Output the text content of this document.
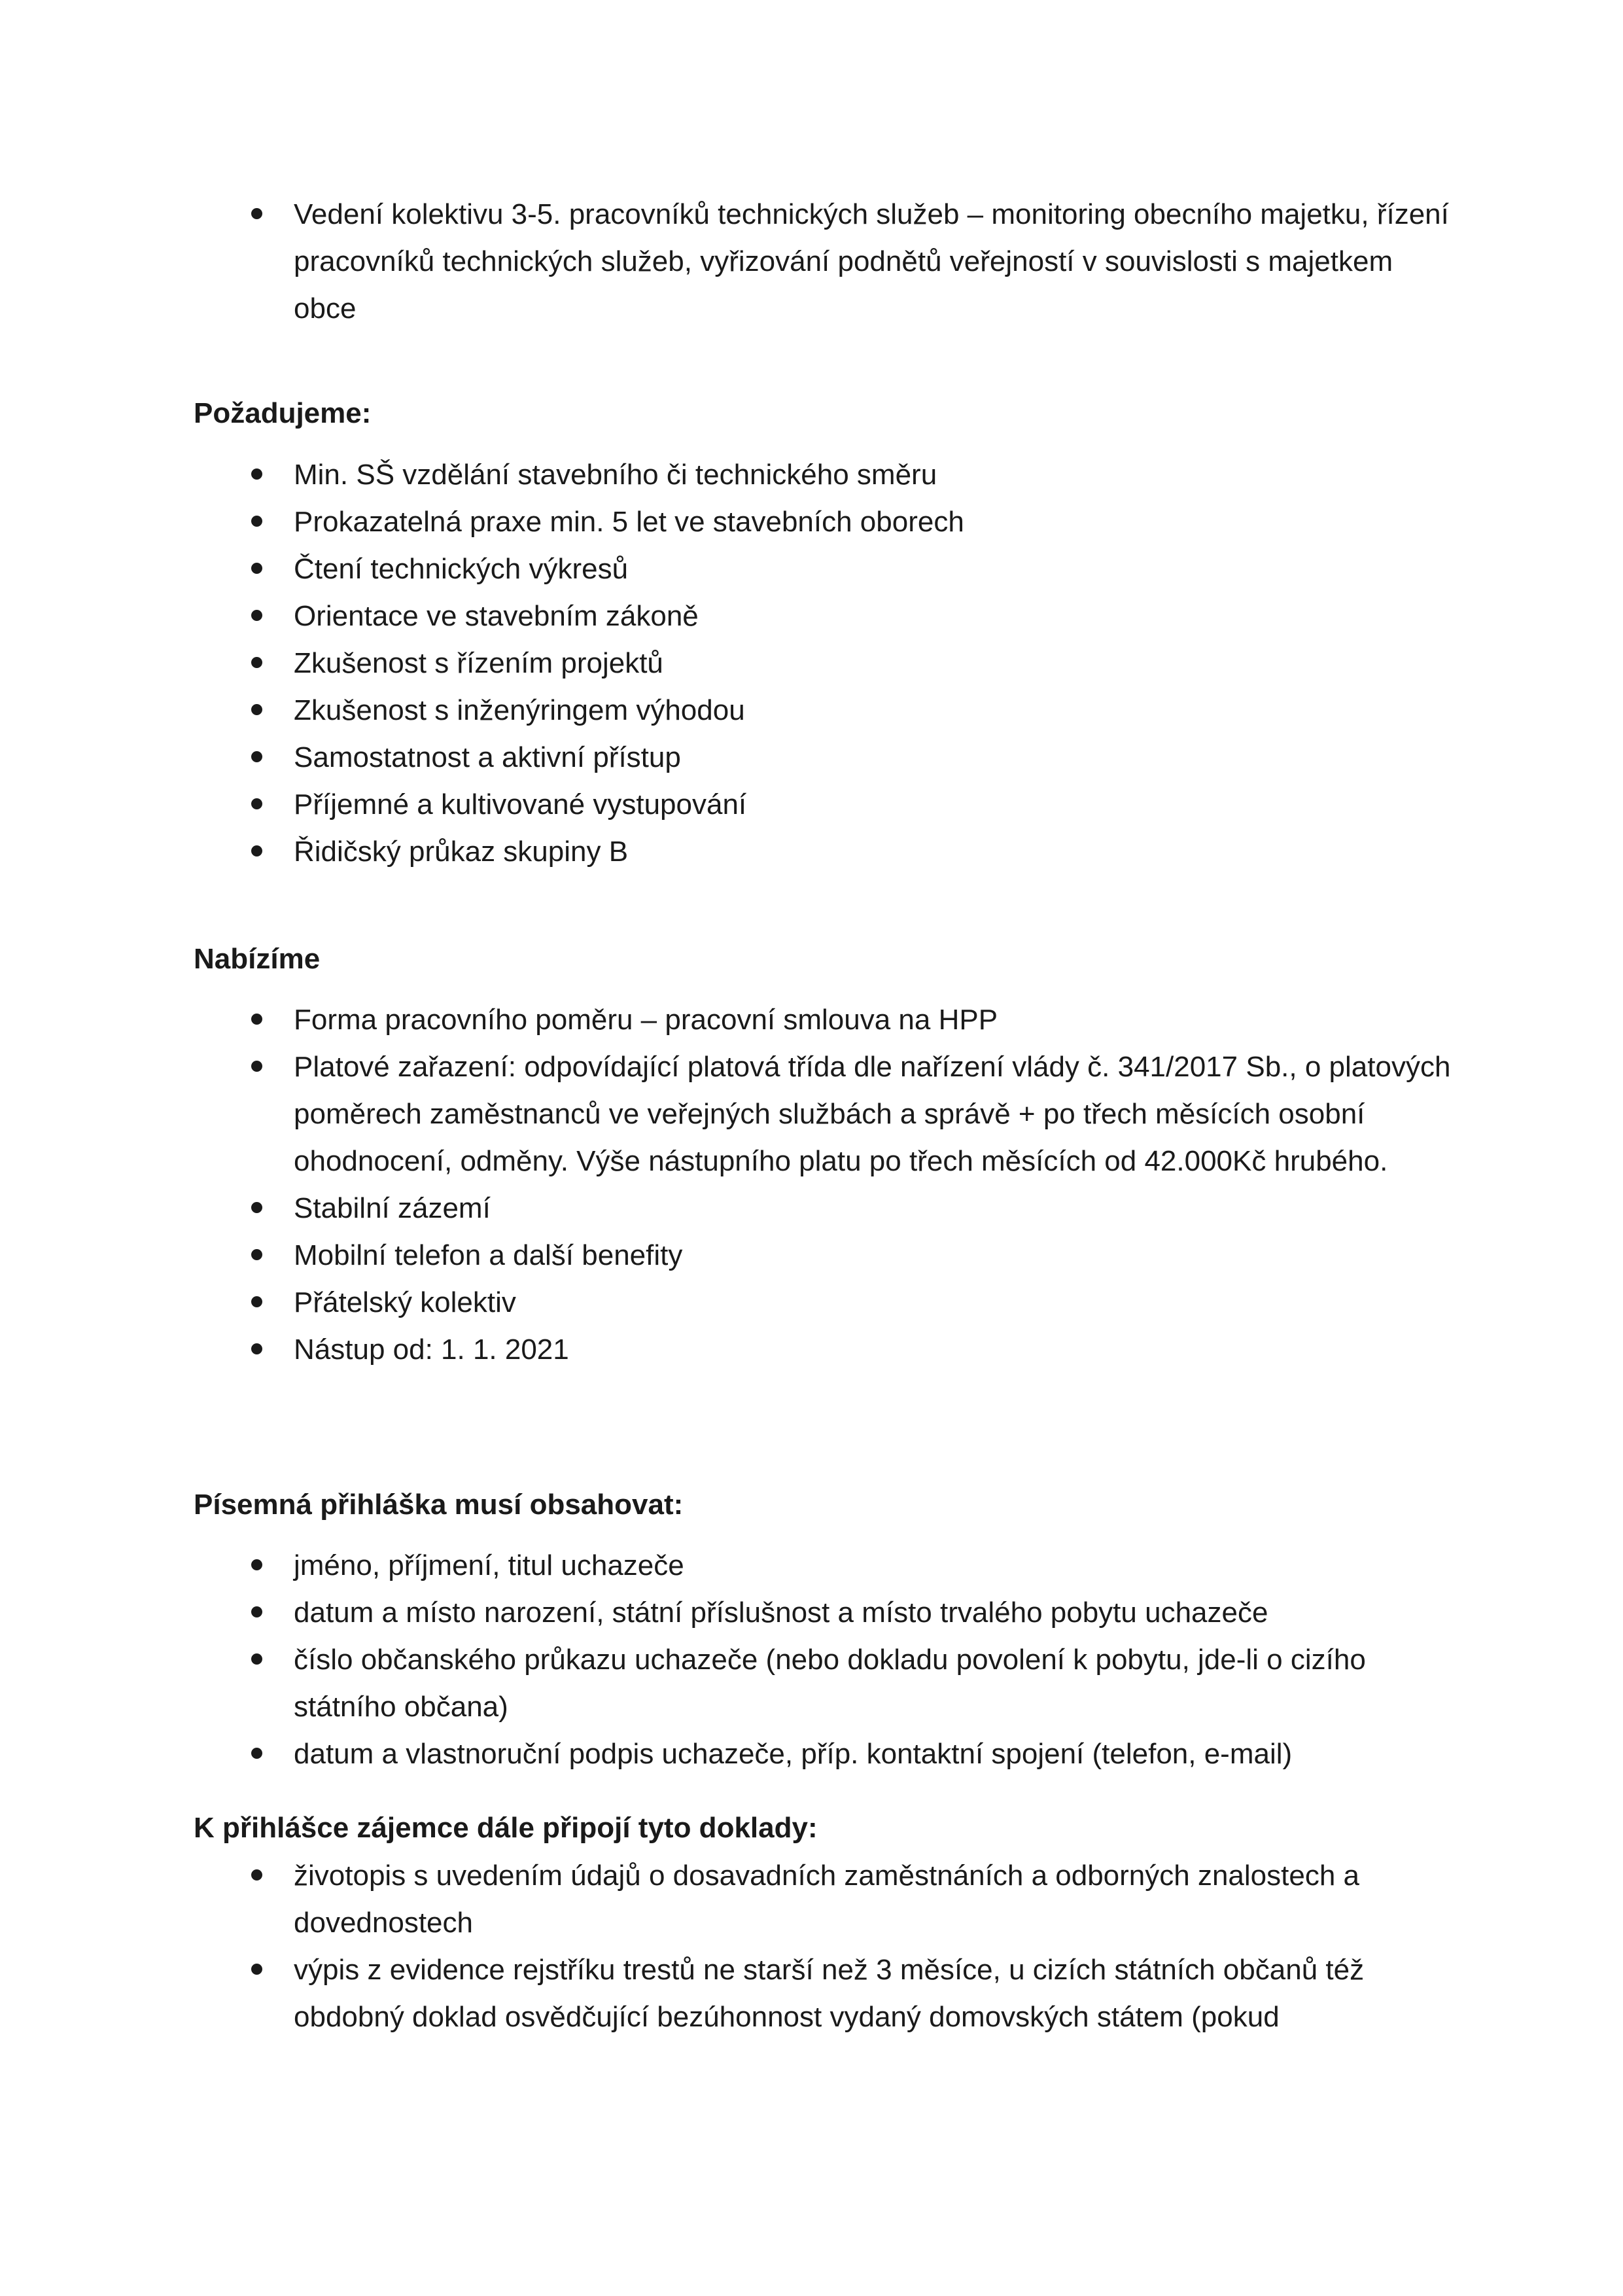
Vedení kolektivu 3-5. pracovníků technických služeb – monitoring obecního majetku, řízení pracovníků technických služeb, vyřizování podnětů veřejností v souvislosti s majetkem obce
Požadujeme:
Min. SŠ vzdělání stavebního či technického směru
Prokazatelná praxe min. 5 let ve stavebních oborech
Čtení technických výkresů
Orientace ve stavebním zákoně
Zkušenost s řízením projektů
Zkušenost s inženýringem výhodou
Samostatnost a aktivní přístup
Příjemné a kultivované vystupování
Řidičský průkaz skupiny B
Nabízíme
Forma pracovního poměru – pracovní smlouva na HPP
Platové zařazení: odpovídající platová třída dle nařízení vlády č. 341/2017 Sb., o platových poměrech zaměstnanců ve veřejných službách a správě + po třech měsících osobní ohodnocení, odměny. Výše nástupního platu po třech měsících od 42.000Kč hrubého.
Stabilní zázemí
Mobilní telefon a další benefity
Přátelský kolektiv
Nástup od: 1. 1. 2021
Písemná přihláška musí obsahovat:
jméno, příjmení, titul uchazeče
datum a místo narození, státní příslušnost a místo trvalého pobytu uchazeče
číslo občanského průkazu uchazeče (nebo dokladu povolení k pobytu, jde-li o cizího státního občana)
datum a vlastnoruční podpis uchazeče, příp. kontaktní spojení (telefon, e-mail)
K přihlášce zájemce dále připojí tyto doklady:
životopis s uvedením údajů o dosavadních zaměstnáních a odborných znalostech a dovednostech
výpis z evidence rejstříku trestů ne starší než 3 měsíce, u cizích státních občanů též obdobný doklad osvědčující bezúhonnost vydaný domovských státem (pokud
